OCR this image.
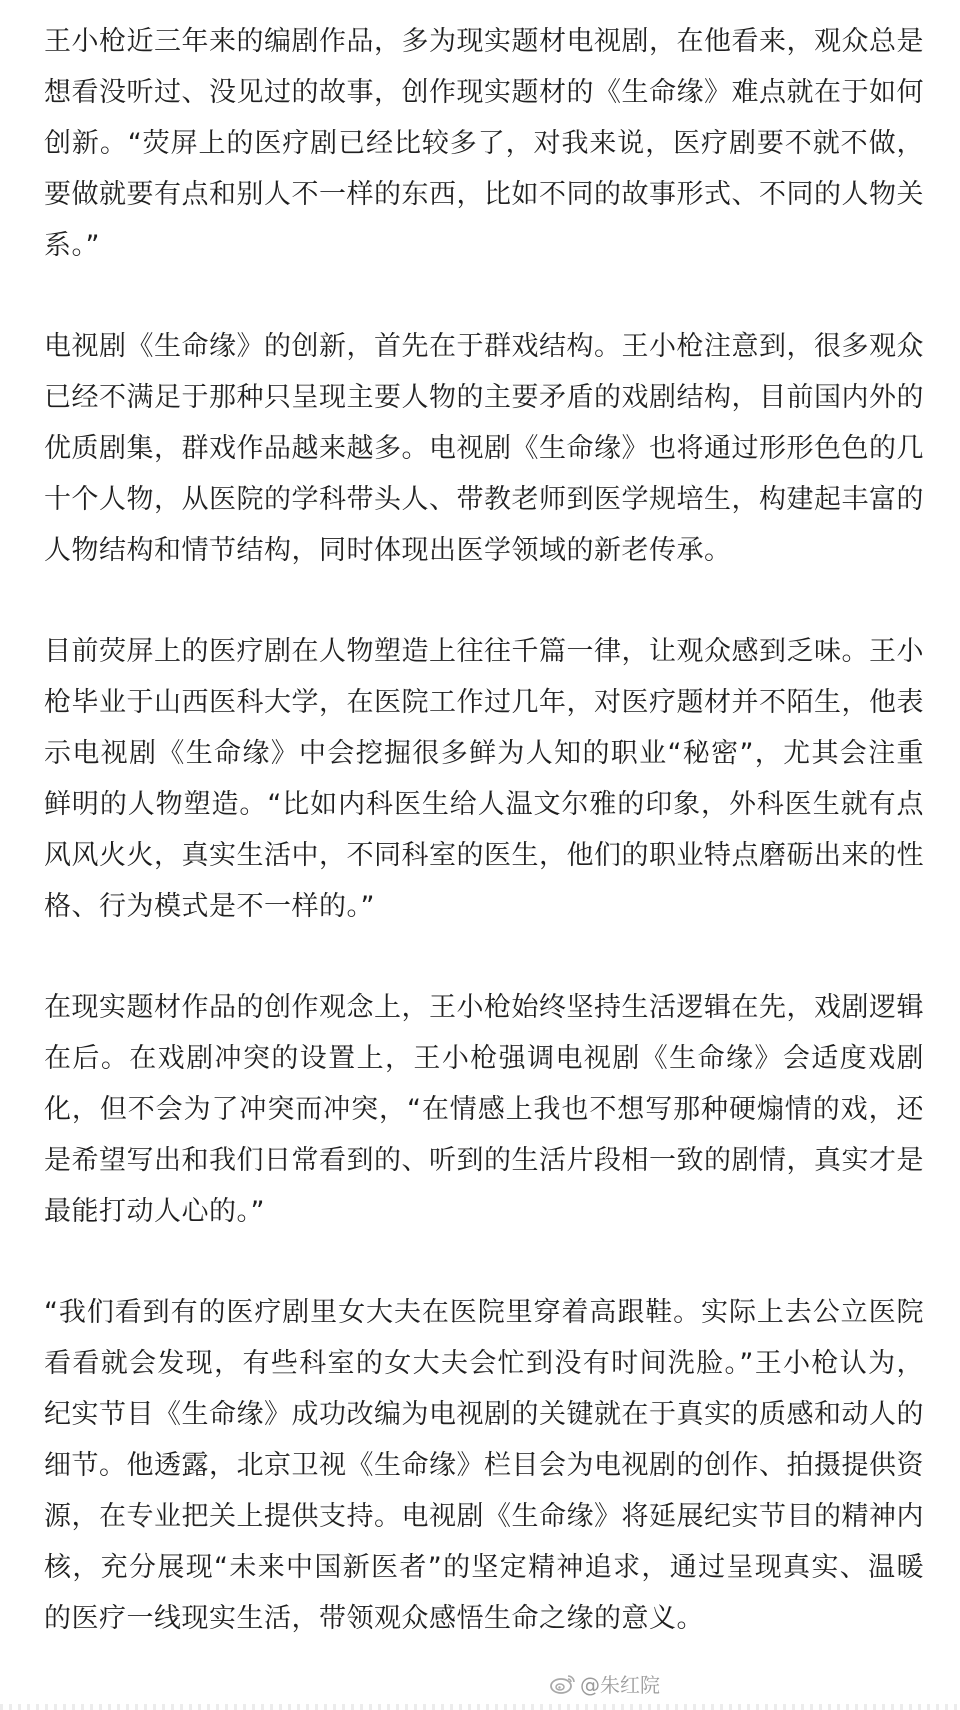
王小枪近三年来的编剧作品，多为现实题材电视剧，在他看来，观众总是想看没听过、没见过的故事，创作现实题材的《生命缘》难点就在于如何创新。“荧屏上的医疗剧已经比较多了，对我来说，医疗剧要不就不做，要做就要有点和别人不一样的东西，比如不同的故事形式、不同的人物关系。”

电视剧《生命缘》的创新，首先在于群戏结构。王小枪注意到，很多观众已经不满足于那种只呈现主要人物的主要矛盾的戏剧结构，目前国内外的优质剧集，群戏作品越来越多。电视剧《生命缘》也将通过形形色色的几十个人物，从医院的学科带头人、带教老师到医学规培生，构建起丰富的人物结构和情节结构，同时体现出医学领域的新老传承。

目前荧屏上的医疗剧在人物塑造上往往千篇一律，让观众感到乏味。王小枪毕业于山西医科大学，在医院工作过几年，对医疗题材并不陌生，他表示电视剧《生命缘》中会挖掘很多鲜为人知的职业“秘密”，尤其会注重鲜明的人物塑造。“比如内科医生给人温文尔雅的印象，外科医生就有点风风火火，真实生活中，不同科室的医生，他们的职业特点磨砺出来的性格、行为模式是不一样的。”

在现实题材作品的创作观念上，王小枪始终坚持生活逻辑在先，戏剧逻辑在后。在戏剧冲突的设置上，王小枪强调电视剧《生命缘》会适度戏剧化，但不会为了冲突而冲突，“在情感上我也不想写那种硬煽情的戏，还是希望写出和我们日常看到的、听到的生活片段相一致的剧情，真实才是最能打动人心的。”

“我们看到有的医疗剧里女大夫在医院里穿着高跟鞋。实际上去公立医院看看就会发现，有些科室的女大夫会忙到没有时间洗脸。”王小枪认为，纪实节目《生命缘》成功改编为电视剧的关键就在于真实的质感和动人的细节。他透露，北京卫视《生命缘》栏目会为电视剧的创作、拍摄提供资源，在专业把关上提供支持。电视剧《生命缘》将延展纪实节目的精神内核，充分展现“未来中国新医者”的坚定精神追求，通过呈现真实、温暖的医疗一线现实生活，带领观众感悟生命之缘的意义。

@朱红院
